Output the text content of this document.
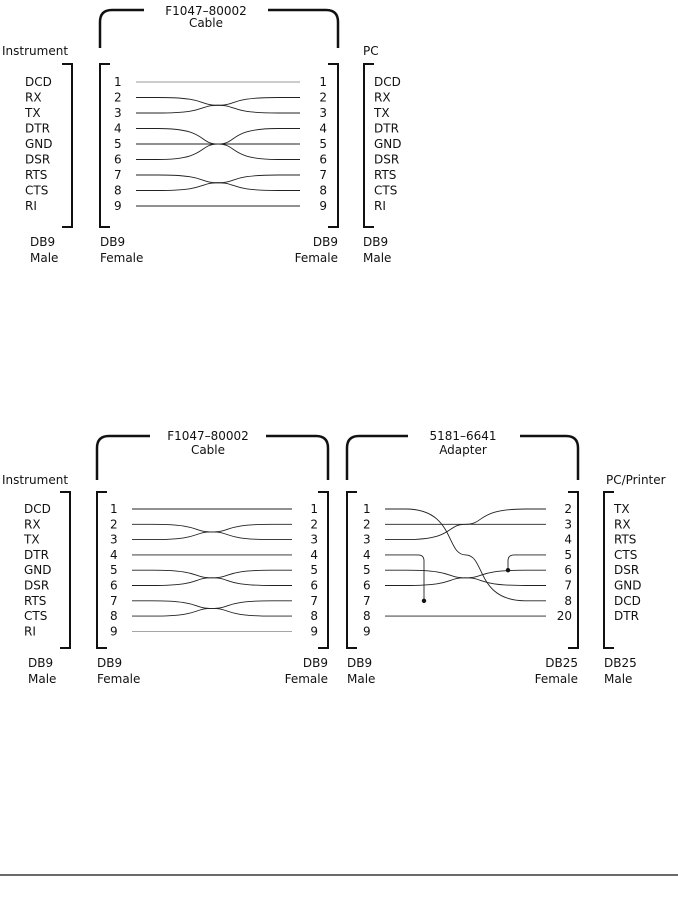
F1047–80002
Cable
Instrument	PC
DCD
RX
TX
DTR
GND
DSR
RTS
CTS
RI
1
2
3
4
5
6
7
8
9
1
2
3
4
5
6
7
8
9
DCD
RX
TX
DTR
GND
DSR
RTS
CTS
RI
DB9
Male
DB9
Female
DB9
Female
DB9
Male
F1047–80002
Cable
5181–6641
Adapter
Instrument	PC/Printer
DCD
RX
TX
DTR
GND
DSR
RTS
CTS
RI
1
2
3
4
5
6
7
8
9
1
2
3
4
5
6
7
8
9
1
2
3
4
5
6
7
8
9
2
3
4
5
6
7
8
20
TX
RX
RTS
CTS
DSR
GND
DCD
DTR
DB9
Male
DB9
Female
DB9
Female
DB9
Male
DB25
Female
DB25
Male
